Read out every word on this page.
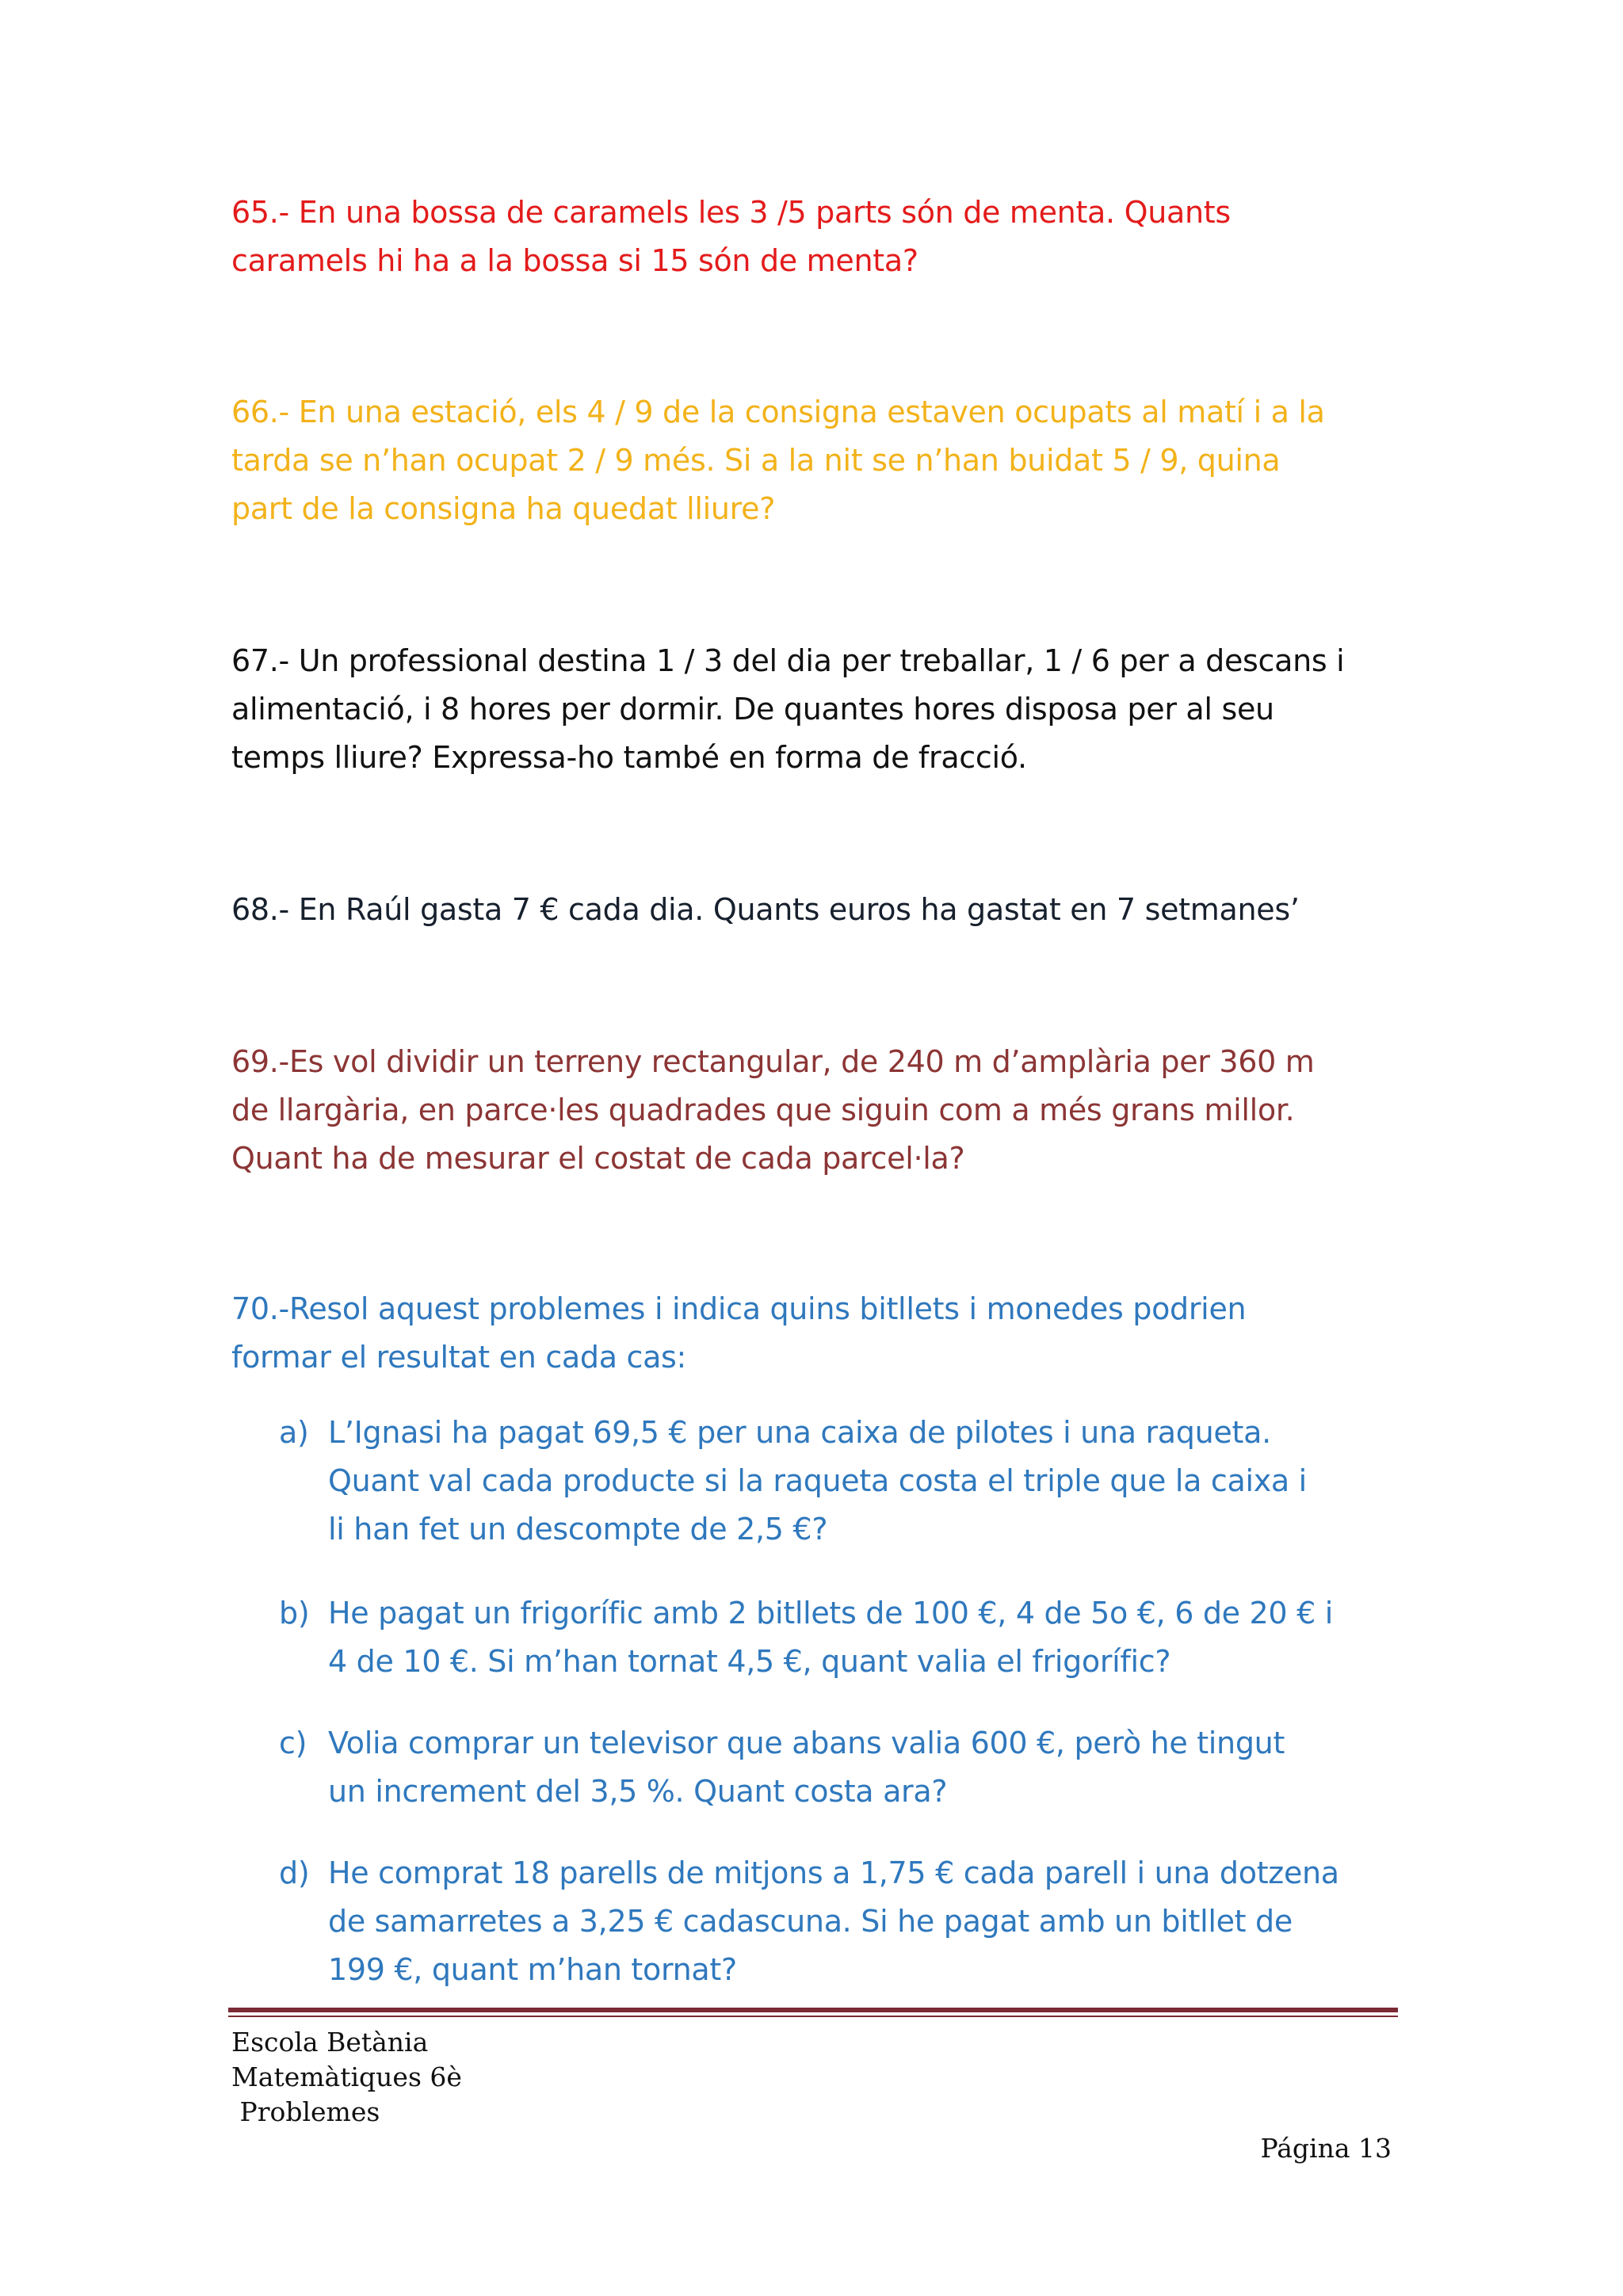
65.- En una bossa de caramels les 3 /5 parts són de menta. Quants
caramels hi ha a la bossa si 15 són de menta?

66.- En una estació, els 4 / 9 de la consigna estaven ocupats al matí i a la
tarda se n’han ocupat 2 / 9 més. Si a la nit se n’han buidat 5 / 9, quina
part de la consigna ha quedat lliure?

67.- Un professional destina 1 / 3 del dia per treballar, 1 / 6 per a descans i
alimentació, i 8 hores per dormir. De quantes hores disposa per al seu
temps lliure? Expressa-ho també en forma de fracció.

68.- En Raúl gasta 7 € cada dia. Quants euros ha gastat en 7 setmanes’

69.-Es vol dividir un terreny rectangular, de 240 m d’amplària per 360 m
de llargària, en parce·les quadrades que siguin com a més grans millor.
Quant ha de mesurar el costat de cada parcel·la?

70.-Resol aquest problemes i indica quins bitllets i monedes podrien
formar el resultat en cada cas:

a) L’Ignasi ha pagat 69,5 € per una caixa de pilotes i una raqueta.
Quant val cada producte si la raqueta costa el triple que la caixa i
li han fet un descompte de 2,5 €?
b) He pagat un frigorífic amb 2 bitllets de 100 €, 4 de 5o €, 6 de 20 € i
4 de 10 €. Si m’han tornat 4,5 €, quant valia el frigorífic?
c) Volia comprar un televisor que abans valia 600 €, però he tingut
un increment del 3,5 %. Quant costa ara?
d) He comprat 18 parells de mitjons a 1,75 € cada parell i una dotzena
de samarretes a 3,25 € cadascuna. Si he pagat amb un bitllet de
199 €, quant m’han tornat?
Escola Betània
Matemàtiques 6è
Problemes
Página 13
